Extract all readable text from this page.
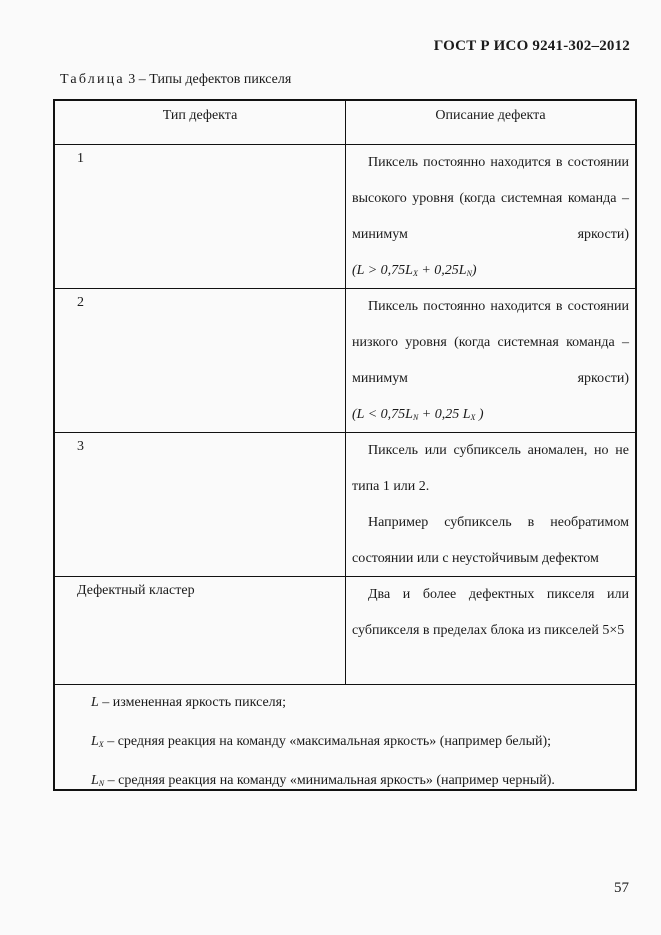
ГОСТ Р ИСО 9241-302–2012
Таблица 3 – Типы дефектов пикселя
Тип дефекта	Описание дефекта
1	Пиксель постоянно находится в состоянии высокого уровня (когда системная команда – минимум яркости)

$(L > 0,75L_X + 0,25L_N)$

2	Пиксель постоянно находится в состоянии низкого уровня (когда системная команда – минимум яркости)

($L < 0,75L_N + 0,25$ $L_X$ )

3	Пиксель или субпиксель аномален, но не типа 1 или 2.

Например субпиксель в необратимом состоянии или с неустойчивым дефектом

Дефектный кластер	Два и более дефектных пикселя или субпикселя в пределах блока из пикселей 5×5

L – измененная яркость пикселя;
$L_X$ – средняя реакция на команду «максимальная яркость» (например белый);
$L_N$ – средняя реакция на команду «минимальная яркость» (например черный).
57
